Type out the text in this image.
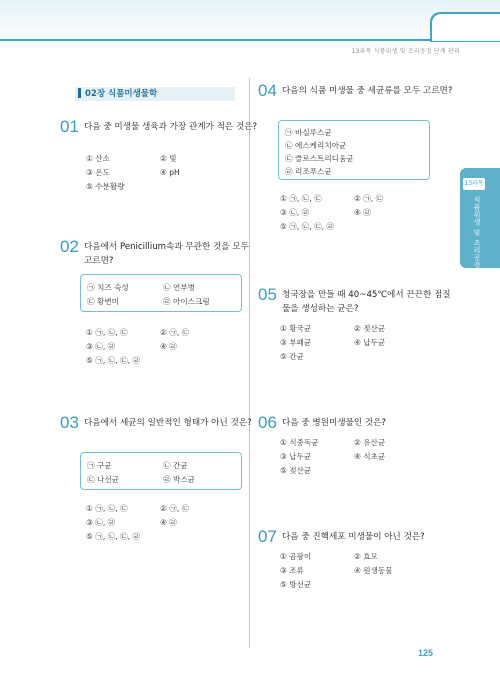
13과목 식품위생 및 조리공정 단계 관리
13과목
식품위생 및 조리공정 단계 관리
02장 식품미생물학
01 다음 중 미생물 생육과 가장 관계가 적은 것은?
① 산소	② 빛
③ 온도	④ pH
⑤ 수분활량
02 다음에서 Penicillium속과 무관한 것을 모두 고르면?
㉠ 치즈 숙성	㉡ 연부병
㉢ 황변미	㉣ 아이스크림
① ㉠, ㉡, ㉢	② ㉠, ㉢
③ ㉡, ㉣	④ ㉣
⑤ ㉠, ㉡, ㉢, ㉣
03 다음에서 세균의 일반적인 형태가 아닌 것은?
㉠ 구균	㉡ 간균
㉢ 나선균	㉣ 박스균
① ㉠, ㉡, ㉢	② ㉠, ㉢
③ ㉡, ㉣	④ ㉣
⑤ ㉠, ㉡, ㉢, ㉣
04 다음의 식품 미생물 중 세균류를 모두 고르면?
㉠ 바실루스균
㉡ 에스케리치아균
㉢ 클로스트리디움균
㉣ 리조푸스균
① ㉠, ㉡, ㉢	② ㉠, ㉢
③ ㉡, ㉣	④ ㉣
⑤ ㉠, ㉡, ㉢, ㉣
05 청국장을 만들 때 40~45℃에서 끈끈한 점질물을 생성하는 균은?
① 황국균	② 젖산균
③ 부패균	④ 납두균
⑤ 간균
06 다음 중 병원미생물인 것은?
① 식중독균	② 유산균
③ 납두균	④ 식초균
⑤ 젖산균
07 다음 중 진핵세포 미생물이 아닌 것은?
① 곰팡이	② 효모
③ 조류	④ 원생동물
⑤ 방선균
125
